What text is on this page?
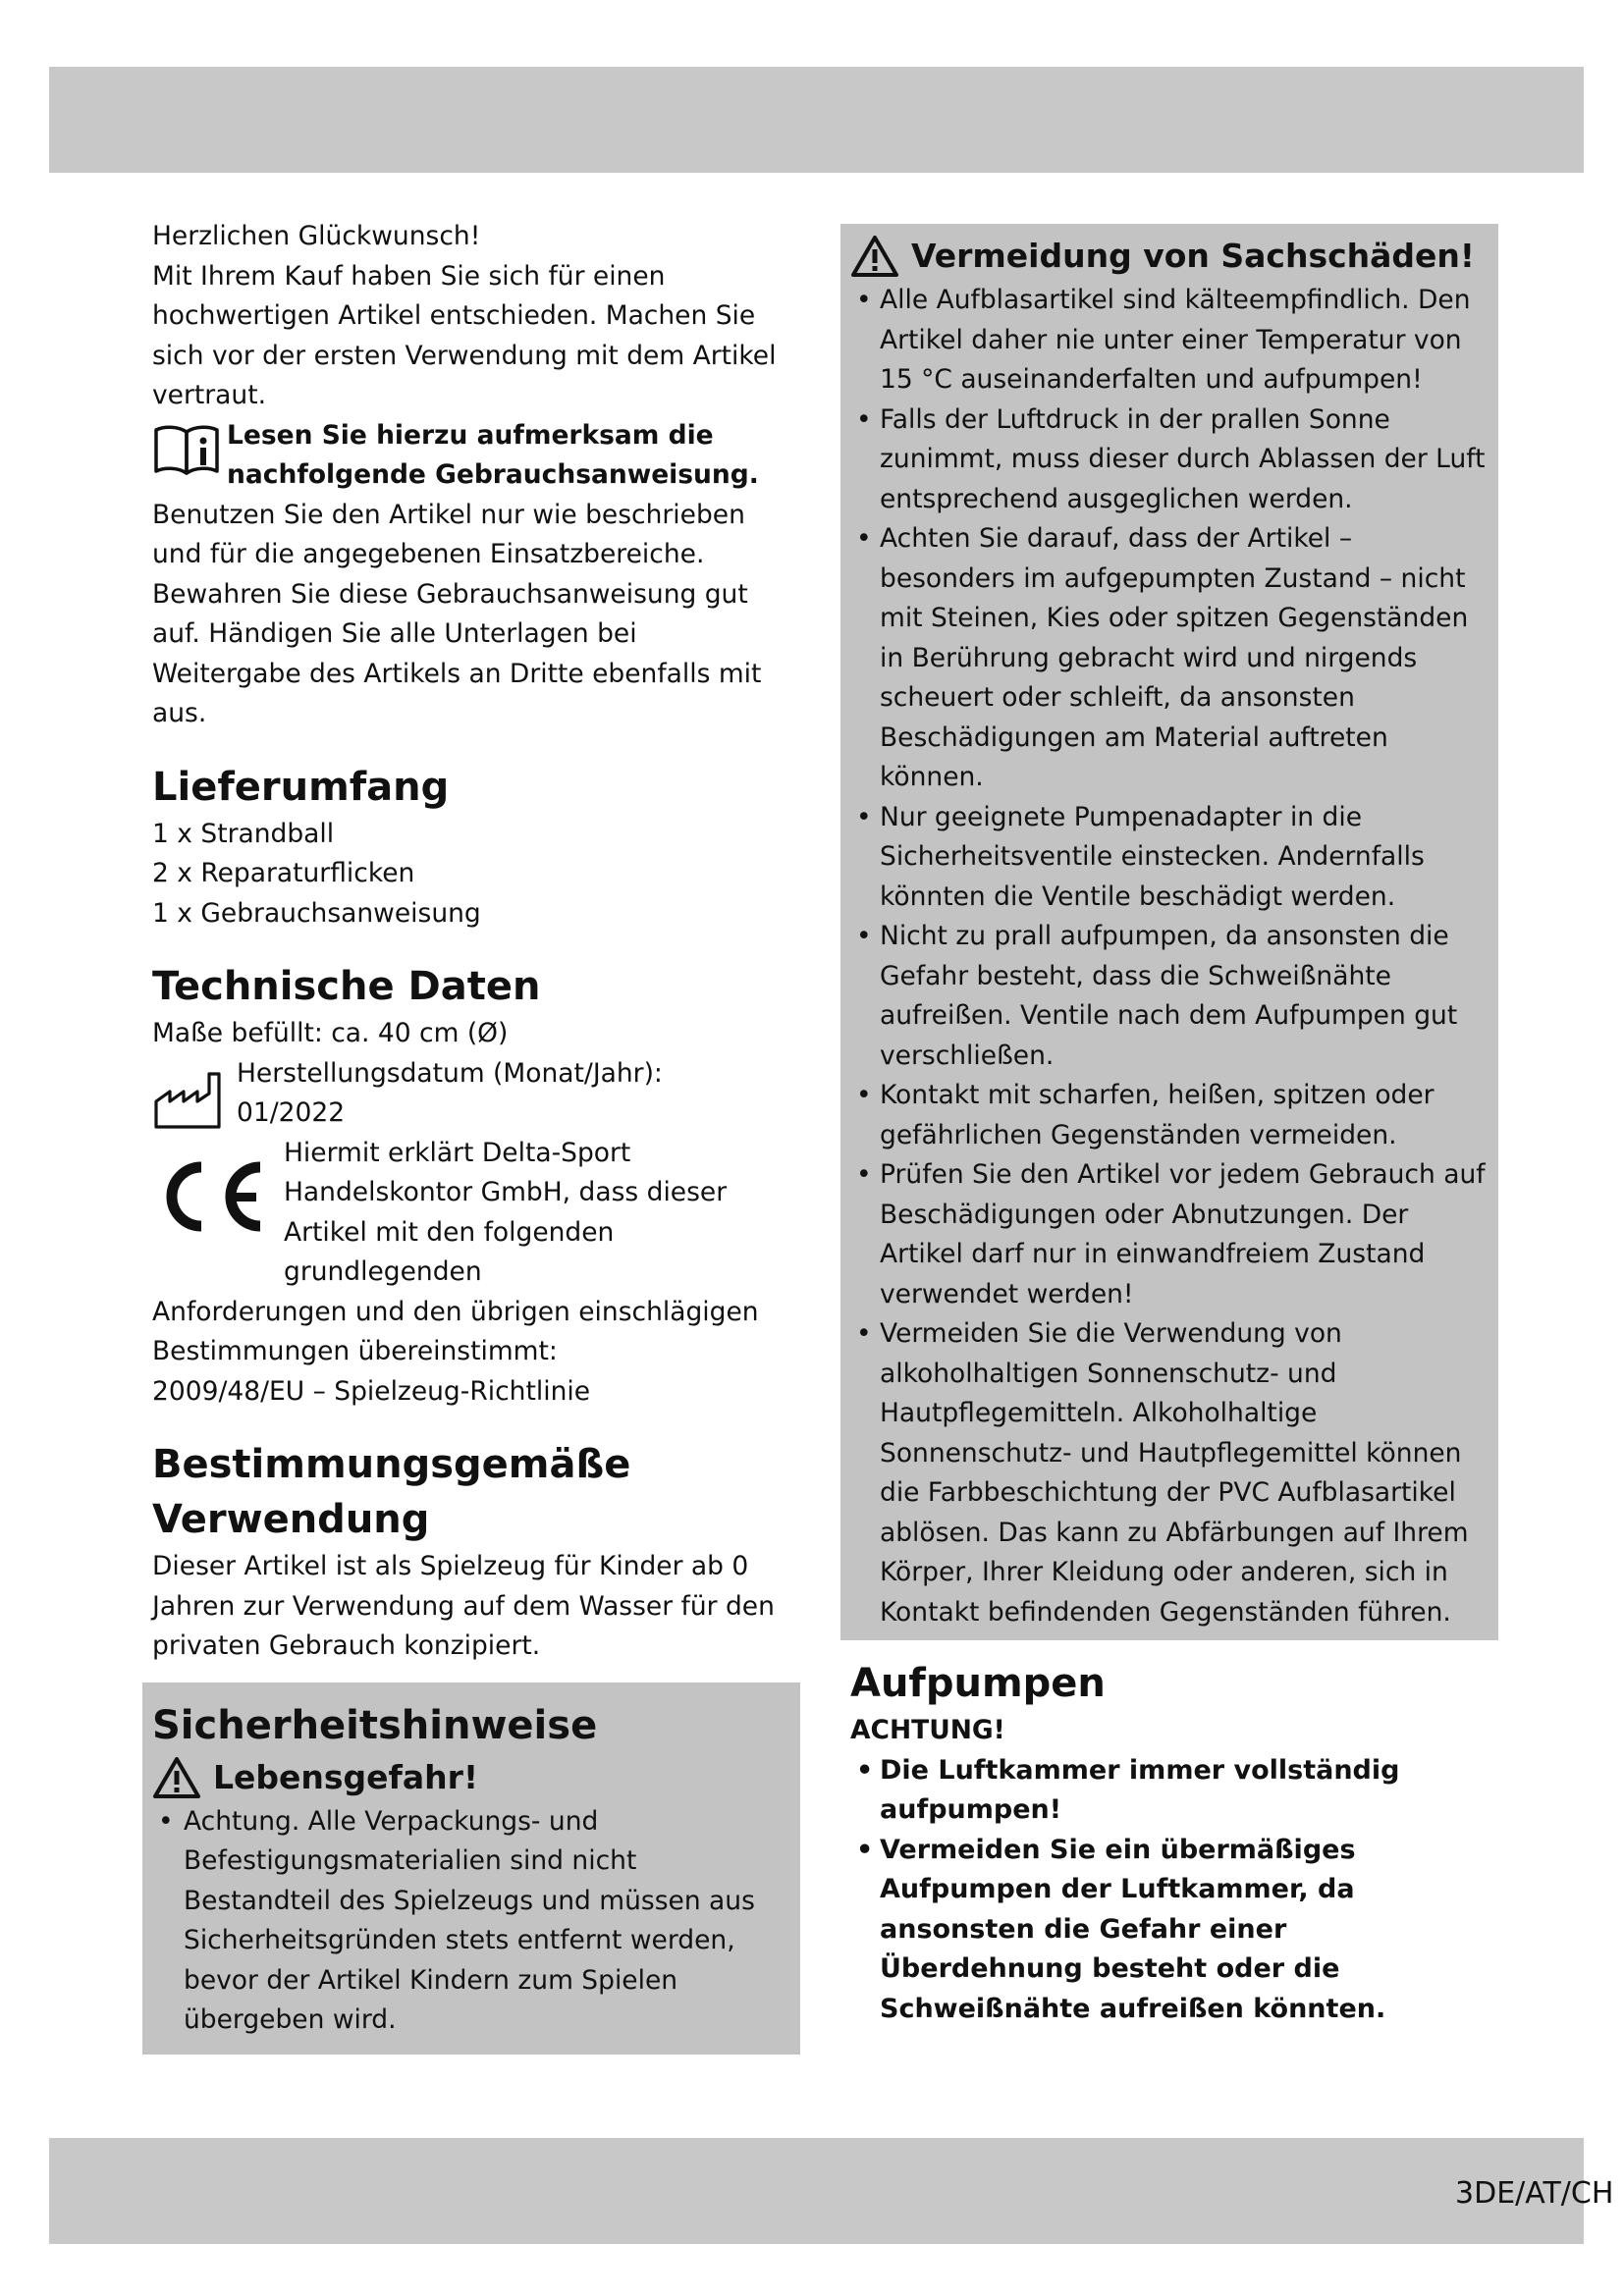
Herzlichen Glückwunsch!

Mit Ihrem Kauf haben Sie sich für einen hochwertigen Artikel entschieden. Machen Sie sich vor der ersten Verwendung mit dem Artikel vertraut.

Lesen Sie hierzu aufmerksam die nachfolgende Gebrauchsanweisung.

Benutzen Sie den Artikel nur wie beschrieben und für die angegebenen Einsatzbereiche. Bewahren Sie diese Gebrauchsanweisung gut auf. Händigen Sie alle Unterlagen bei Weitergabe des Artikels an Dritte ebenfalls mit aus.

Lieferumfang

1 x Strandball

2 x Reparaturflicken

1 x Gebrauchsanweisung

Technische Daten

Maße befüllt: ca. 40 cm (Ø)

Herstellungsdatum (Monat/Jahr):

01/2022

Hiermit erklärt Delta-Sport Handelskontor GmbH, dass dieser Artikel mit den folgenden grundlegenden

Anforderungen und den übrigen einschlägigen Bestimmungen übereinstimmt:

2009/48/EU – Spielzeug-Richtlinie

Bestimmungsgemäße Verwendung

Dieser Artikel ist als Spielzeug für Kinder ab 0 Jahren zur Verwendung auf dem Wasser für den privaten Gebrauch konzipiert.

Sicherheitshinweise
Lebensgefahr!
• Achtung. Alle Verpackungs- und Befestigungsmaterialien sind nicht Bestandteil des Spielzeugs und müssen aus Sicherheitsgründen stets entfernt werden, bevor der Artikel Kindern zum Spielen übergeben wird.
Vermeidung von Sachschäden!
• Alle Aufblasartikel sind kälteempfindlich. Den Artikel daher nie unter einer Temperatur von 15 °C auseinanderfalten und aufpumpen!
• Falls der Luftdruck in der prallen Sonne zunimmt, muss dieser durch Ablassen der Luft entsprechend ausgeglichen werden.
• Achten Sie darauf, dass der Artikel – besonders im aufgepumpten Zustand – nicht mit Steinen, Kies oder spitzen Gegenständen in Berührung gebracht wird und nirgends scheuert oder schleift, da ansonsten Beschädigungen am Material auftreten können.
• Nur geeignete Pumpenadapter in die Sicherheitsventile einstecken. Andernfalls könnten die Ventile beschädigt werden.
• Nicht zu prall aufpumpen, da ansonsten die Gefahr besteht, dass die Schweißnähte aufreißen. Ventile nach dem Aufpumpen gut verschließen.
• Kontakt mit scharfen, heißen, spitzen oder gefährlichen Gegenständen vermeiden.
• Prüfen Sie den Artikel vor jedem Gebrauch auf Beschädigungen oder Abnutzungen. Der Artikel darf nur in einwandfreiem Zustand verwendet werden!
• Vermeiden Sie die Verwendung von alkoholhaltigen Sonnenschutz- und Hautpflegemitteln. Alkoholhaltige Sonnenschutz- und Hautpflegemittel können die Farbbeschichtung der PVC Aufblasartikel ablösen. Das kann zu Abfärbungen auf Ihrem Körper, Ihrer Kleidung oder anderen, sich in Kontakt befindenden Gegenständen führen.
Aufpumpen

ACHTUNG!

• Die Luftkammer immer vollständig aufpumpen!
• Vermeiden Sie ein übermäßiges Aufpumpen der Luftkammer, da ansonsten die Gefahr einer Überdehnung besteht oder die Schweißnähte aufreißen könnten.
3DE/AT/CH
